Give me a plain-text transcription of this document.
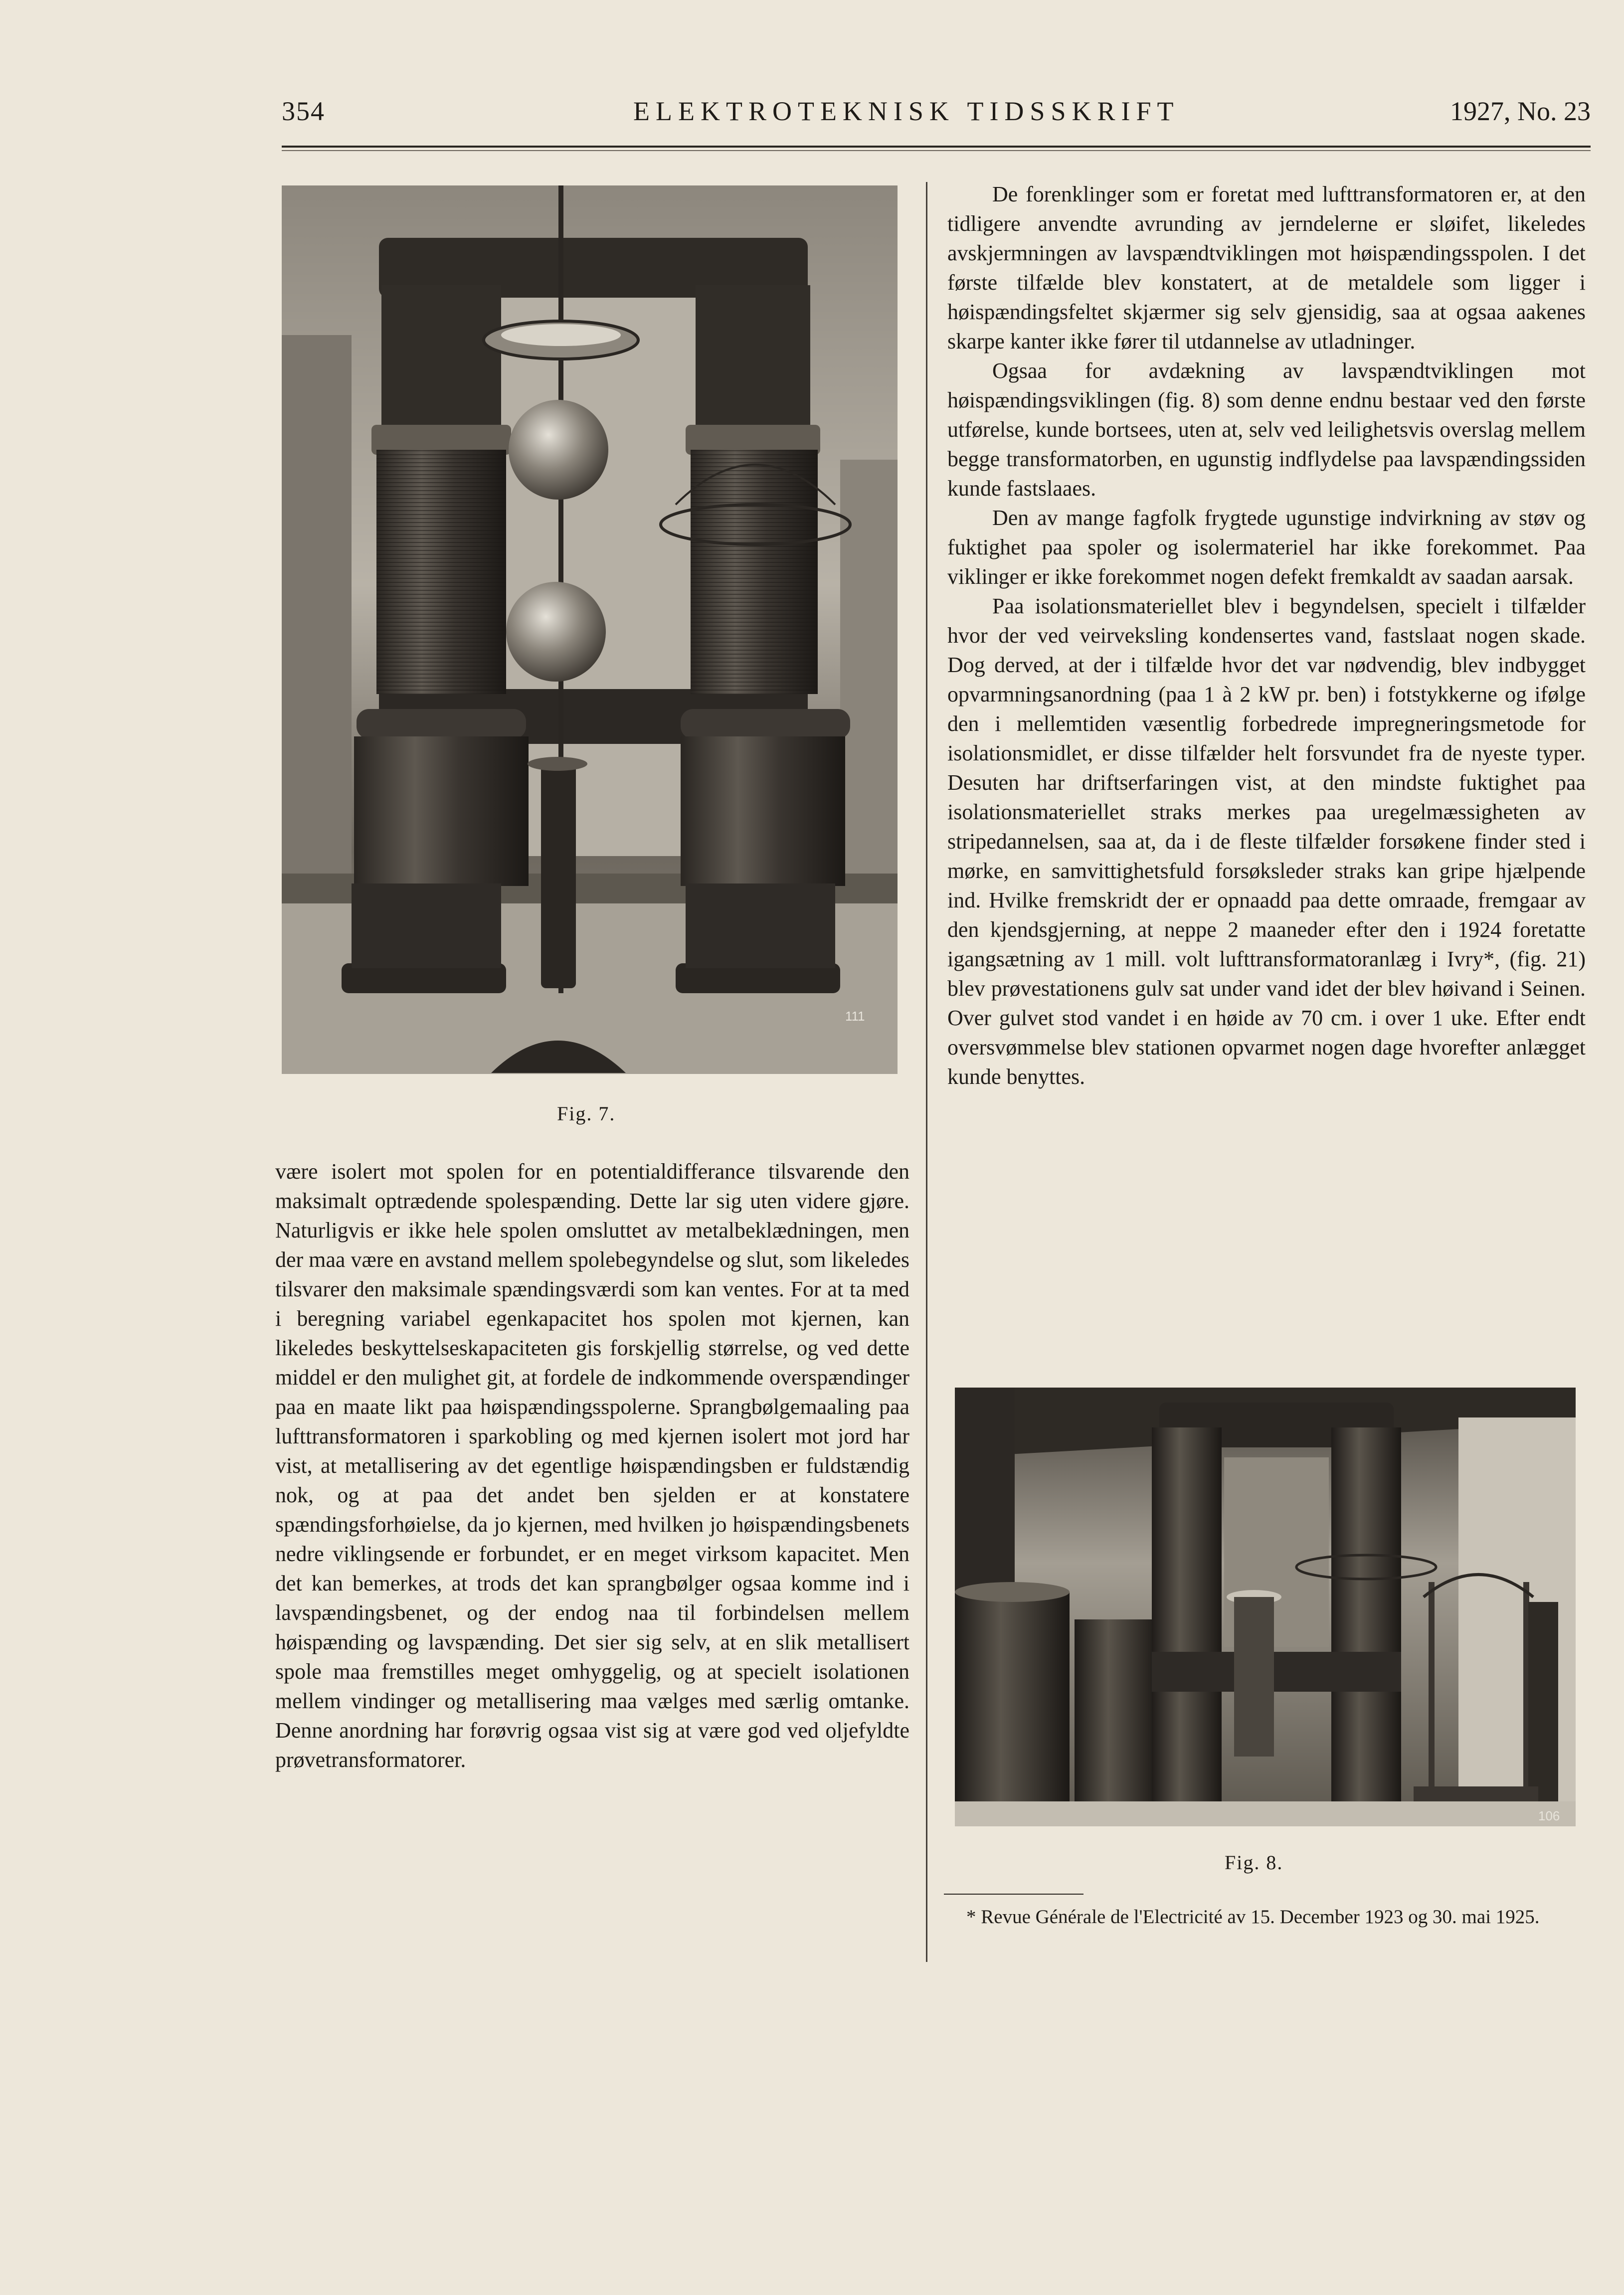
354	ELEKTROTEKNISK TIDSSKRIFT	1927, No. 23
111
Fig. 7.
106
Fig. 8.

være isolert mot spolen for en potentialdifferance tilsvarende den maksimalt optrædende spolespænding. Dette lar sig uten videre gjøre. Naturligvis er ikke hele spolen omsluttet av metalbeklædningen, men der maa være en avstand mellem spolebegyndelse og slut, som likeledes tilsvarer den maksimale spændingsværdi som kan ventes. For at ta med i beregning variabel egenkapacitet hos spolen mot kjernen, kan likeledes beskyttelseskapaciteten gis forskjellig størrelse, og ved dette middel er den mulighet git, at fordele de indkommende overspændinger paa en maate likt paa høispændingsspolerne. Sprangbølgemaaling paa lufttransformatoren i sparkobling og med kjernen isolert mot jord har vist, at metallisering av det egentlige høispændingsben er fuldstændig nok, og at paa det andet ben sjelden er at konstatere spændingsforhøielse, da jo kjernen, med hvilken jo høispændingsbenets nedre viklingsende er forbundet, er en meget virksom kapacitet. Men det kan bemerkes, at trods det kan sprangbølger ogsaa komme ind i lavspændingsbenet, og der endog naa til forbindelsen mellem høispænding og lavspænding. Det sier sig selv, at en slik metallisert spole maa fremstilles meget omhyggelig, og at specielt isolationen mellem vindinger og metallisering maa vælges med særlig omtanke. Denne anordning har forøvrig ogsaa vist sig at være god ved oljefyldte prøvetransformatorer.

De forenklinger som er foretat med lufttransformatoren er, at den tidligere anvendte avrunding av jerndelerne er sløifet, likeledes avskjermningen av lavspændtviklingen mot høispændingsspolen. I det første tilfælde blev konstatert, at de metaldele som ligger i høispændingsfeltet skjærmer sig selv gjensidig, saa at ogsaa aakenes skarpe kanter ikke fører til utdannelse av utladninger.

Ogsaa for avdækning av lavspændtviklingen mot høispændingsviklingen (fig. 8) som denne endnu bestaar ved den første utførelse, kunde bortsees, uten at, selv ved leilighetsvis overslag mellem begge transformatorben, en ugunstig indflydelse paa lavspændingssiden kunde fastslaaes.

Den av mange fagfolk frygtede ugunstige indvirkning av støv og fuktighet paa spoler og isolermateriel har ikke forekommet. Paa viklinger er ikke forekommet nogen defekt fremkaldt av saadan aarsak.

Paa isolationsmateriellet blev i begyndelsen, specielt i tilfælder hvor der ved veirveksling kondensertes vand, fastslaat nogen skade. Dog derved, at der i tilfælde hvor det var nødvendig, blev indbygget opvarmningsanordning (paa 1 à 2 kW pr. ben) i fotstykkerne og ifølge den i mellemtiden væsentlig forbedrede impregneringsmetode for isolationsmidlet, er disse tilfælder helt forsvundet fra de nyeste typer. Desuten har driftserfaringen vist, at den mindste fuktighet paa isolationsmateriellet straks merkes paa uregelmæssigheten av stripedannelsen, saa at, da i de fleste tilfælder forsøkene finder sted i mørke, en samvittighetsfuld forsøksleder straks kan gripe hjælpende ind. Hvilke fremskridt der er opnaadd paa dette omraade, fremgaar av den kjendsgjerning, at neppe 2 maaneder efter den i 1924 foretatte igangsætning av 1 mill. volt lufttransformatoranlæg i Ivry*, (fig. 21) blev prøvestationens gulv sat under vand idet der blev høivand i Seinen. Over gulvet stod vandet i en høide av 70 cm. i over 1 uke. Efter endt oversvømmelse blev stationen opvarmet nogen dage hvorefter anlægget kunde benyttes.

* Revue Générale de l'Electricité av 15. December 1923 og 30. mai 1925.
